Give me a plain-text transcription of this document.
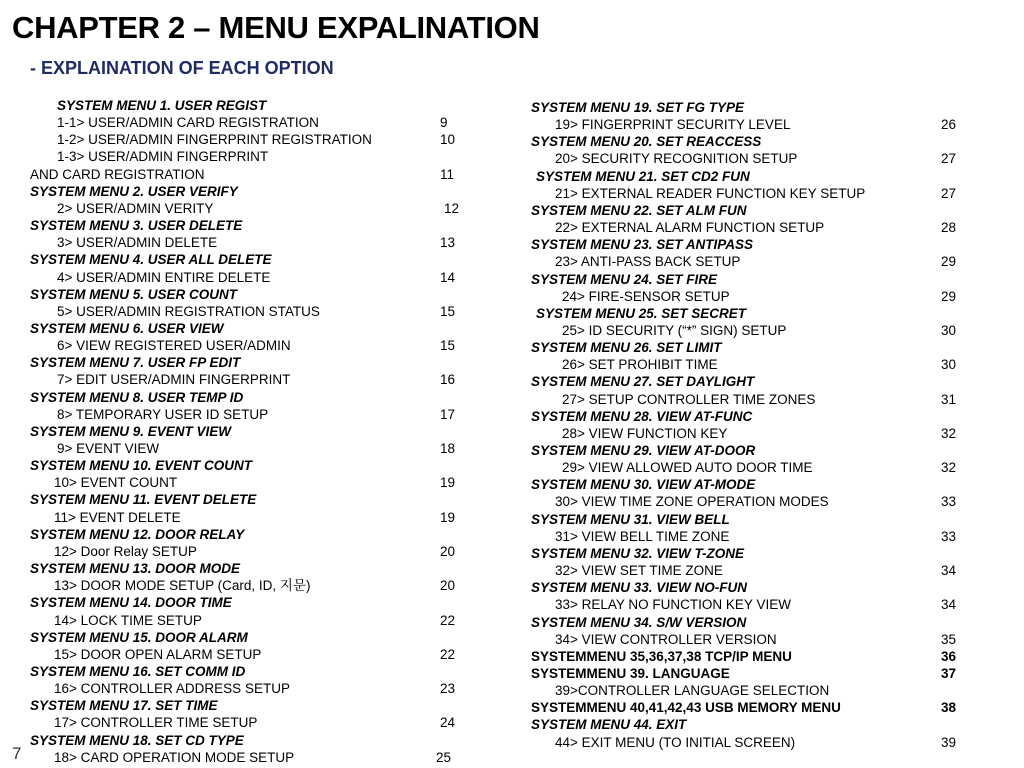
CHAPTER 2 – MENU EXPALINATION
- EXPLAINATION OF EACH OPTION
SYSTEM MENU 1. USER REGIST
1-1> USER/ADMIN CARD REGISTRATION	9
1-2> USER/ADMIN FINGERPRINT REGISTRATION	10
1-3> USER/ADMIN FINGERPRINT
AND CARD REGISTRATION	11
SYSTEM MENU 2. USER VERIFY
2> USER/ADMIN VERITY	12
SYSTEM MENU 3. USER DELETE
3> USER/ADMIN DELETE	13
SYSTEM MENU 4. USER ALL DELETE
4> USER/ADMIN ENTIRE DELETE	14
SYSTEM MENU 5. USER COUNT
5> USER/ADMIN REGISTRATION STATUS	15
SYSTEM MENU 6. USER VIEW
6> VIEW REGISTERED USER/ADMIN	15
SYSTEM MENU 7. USER FP EDIT
7> EDIT USER/ADMIN FINGERPRINT	16
SYSTEM MENU 8. USER TEMP ID
8> TEMPORARY USER ID SETUP	17
SYSTEM MENU 9. EVENT VIEW
9> EVENT VIEW	18
SYSTEM MENU 10. EVENT COUNT
10> EVENT COUNT	19
SYSTEM MENU 11. EVENT DELETE
11> EVENT DELETE	19
SYSTEM MENU 12. DOOR RELAY
12> Door Relay SETUP	20
SYSTEM MENU 13. DOOR MODE
13> DOOR MODE SETUP (Card, ID, 지문)	20
SYSTEM MENU 14. DOOR TIME
14> LOCK TIME SETUP	22
SYSTEM MENU 15. DOOR ALARM
15> DOOR OPEN ALARM SETUP	22
SYSTEM MENU 16. SET COMM ID
16> CONTROLLER ADDRESS SETUP	23
SYSTEM MENU 17. SET TIME
17> CONTROLLER TIME SETUP	24
SYSTEM MENU 18. SET CD TYPE
18> CARD OPERATION MODE SETUP	25
SYSTEM MENU 19. SET FG TYPE
19> FINGERPRINT SECURITY LEVEL	26
SYSTEM MENU 20. SET REACCESS
20> SECURITY RECOGNITION SETUP	27
SYSTEM MENU 21. SET CD2 FUN
21> EXTERNAL READER FUNCTION KEY SETUP	27
SYSTEM MENU 22. SET ALM FUN
22> EXTERNAL ALARM FUNCTION SETUP	28
SYSTEM MENU 23. SET ANTIPASS
23> ANTI-PASS BACK SETUP	29
SYSTEM MENU 24. SET FIRE
24> FIRE-SENSOR SETUP	29
SYSTEM MENU 25. SET SECRET
25> ID SECURITY (“*” SIGN) SETUP	30
SYSTEM MENU 26. SET LIMIT
26> SET PROHIBIT TIME	30
SYSTEM MENU 27. SET DAYLIGHT
27> SETUP CONTROLLER TIME ZONES	31
SYSTEM MENU 28. VIEW AT-FUNC
28> VIEW FUNCTION KEY	32
SYSTEM MENU 29. VIEW AT-DOOR
29> VIEW ALLOWED AUTO DOOR TIME	32
SYSTEM MENU 30. VIEW AT-MODE
30> VIEW TIME ZONE OPERATION MODES	33
SYSTEM MENU 31. VIEW BELL
31> VIEW BELL TIME ZONE	33
SYSTEM MENU 32. VIEW T-ZONE
32> VIEW SET TIME ZONE	34
SYSTEM MENU 33. VIEW NO-FUN
33> RELAY NO FUNCTION KEY VIEW	34
SYSTEM MENU 34. S/W VERSION
34> VIEW CONTROLLER VERSION	35
SYSTEMMENU 35,36,37,38 TCP/IP MENU	36
SYSTEMMENU 39. LANGUAGE	37
39>CONTROLLER LANGUAGE SELECTION
SYSTEMMENU 40,41,42,43 USB MEMORY MENU	38
SYSTEM MENU 44. EXIT
44> EXIT MENU (TO INITIAL SCREEN)	39
7
